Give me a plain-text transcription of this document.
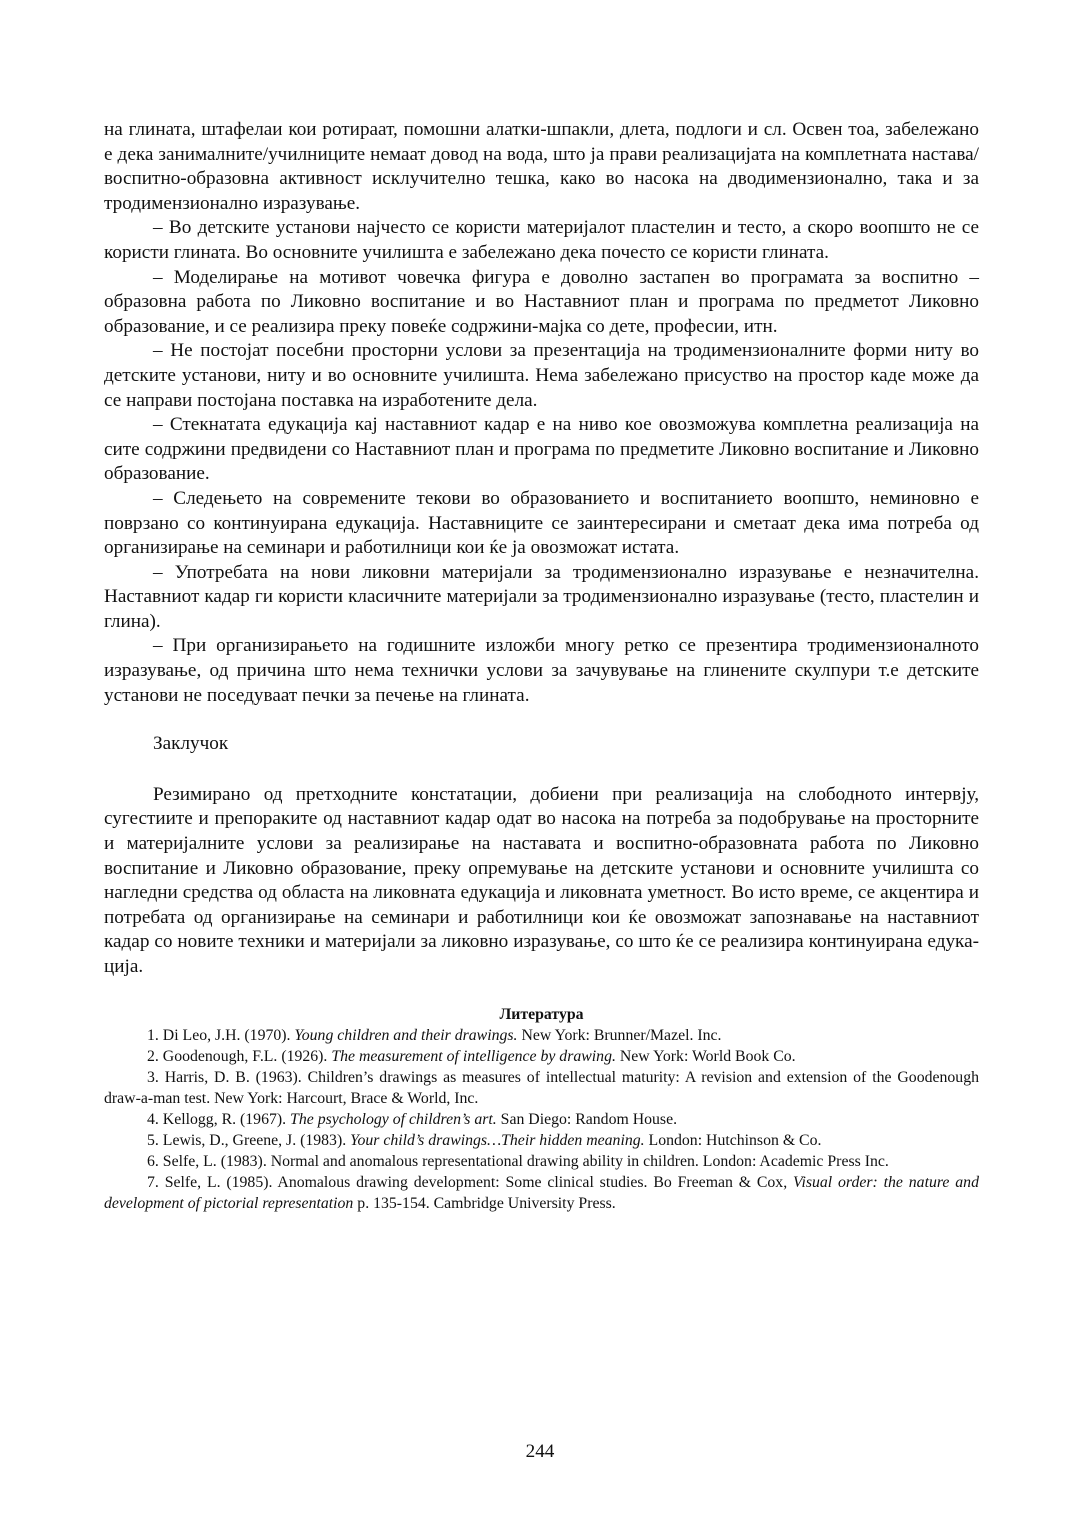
на глината, штафелаи кои ротираат, помошни алатки-шпакли, длета, подлоги и сл. Освен тоа, забележано е дека занималните/училниците немаат довод на вода, што ја прави реализацијата на комплетната настава/воспитно-образовна активност исклучително тешка, како во насока на дводимензионално, така и за тродимензионално изразување.

– Во детските установи најчесто се користи материјалот пластелин и тесто, а скоро воопшто не се користи глината. Во основните училишта е забележано дека почесто се користи глината.

– Моделирање на мотивот човечка фигура е доволно застапен во програмата за воспитно – образовна работа по Ликовно воспитание и во Наставниот план и програма по предметот Ликовно образование, и се реализира преку повеќе содржини-мајка со дете, професии, итн.

– Не постојат посебни просторни услови за презентација на тродимензионалните форми ниту во детските установи, ниту и во основните училишта. Нема забележано присуство на простор каде може да се направи постојана поставка на изработените дела.

– Стекнатата едукација кај наставниот кадар е на ниво кое овозможува комплетна реализација на сите содржини предвидени со Наставниот план и програма по предметите Ликовно воспитание и Ликовно образование.

– Следењето на современите текови во образованието и воспитанието воопшто, неминовно е поврзано со континуирана едукација. Наставниците се заинтересирани и сметаат дека има потреба од организирање на семинари и работилници кои ќе ја овозможат истата.

– Употребата на нови ликовни материјали за тродимензионално изразување е незначителна. Наставниот кадар ги користи класичните материјали за тродимензионално изразување (тесто, пластелин и глина).

– При организирањето на годишните изложби многу ретко се презентира тродимензионалното изразување, од причина што нема технички услови за зачувување на глинените скулпури т.е детските установи не поседуваат печки за печење на глината.

Заклучок

Резимирано од претходните констатации, добиени при реализација на слободното интервју, сугестиите и препораките од наставниот кадар одат во насока на потреба за подобрување на просторните и материјалните услови за реализирање на наставата и воспитно-образовната работа по Ликовно воспитание и Ликовно образование, преку опремување на детските установи и основните училишта со нагледни средства од областа на ликовната едукација и ликовната уметност. Во исто време, се акцентира и потребата од организирање на семинари и работилници кои ќе овозможат запознавање на наставниот кадар со новите техники и материјали за ликовно изразување, со што ќе се реализира континуирана едукација.

Литература
1. Di Leo, J.H. (1970). Young children and their drawings. New York: Brunner/Mazel. Inc.
2. Goodenough, F.L. (1926). The measurement of intelligence by drawing. New York: World Book Co.
3. Harris, D. B. (1963). Children’s drawings as measures of intellectual maturity: A revision and extension of the Goodenough draw-a-man test. New York: Harcourt, Brace & World, Inc.
4. Kellogg, R. (1967). The psychology of children’s art. San Diego: Random House.
5. Lewis, D., Greene, J. (1983). Your child’s drawings…Their hidden meaning. London: Hutchinson & Co.
6. Selfe, L. (1983). Normal and anomalous representational drawing ability in children. London: Academic Press Inc.
7. Selfe, L. (1985). Anomalous drawing development: Some clinical studies. Bo Freeman & Cox, Visual order: the nature and development of pictorial representation p. 135-154. Cambridge University Press.
244
